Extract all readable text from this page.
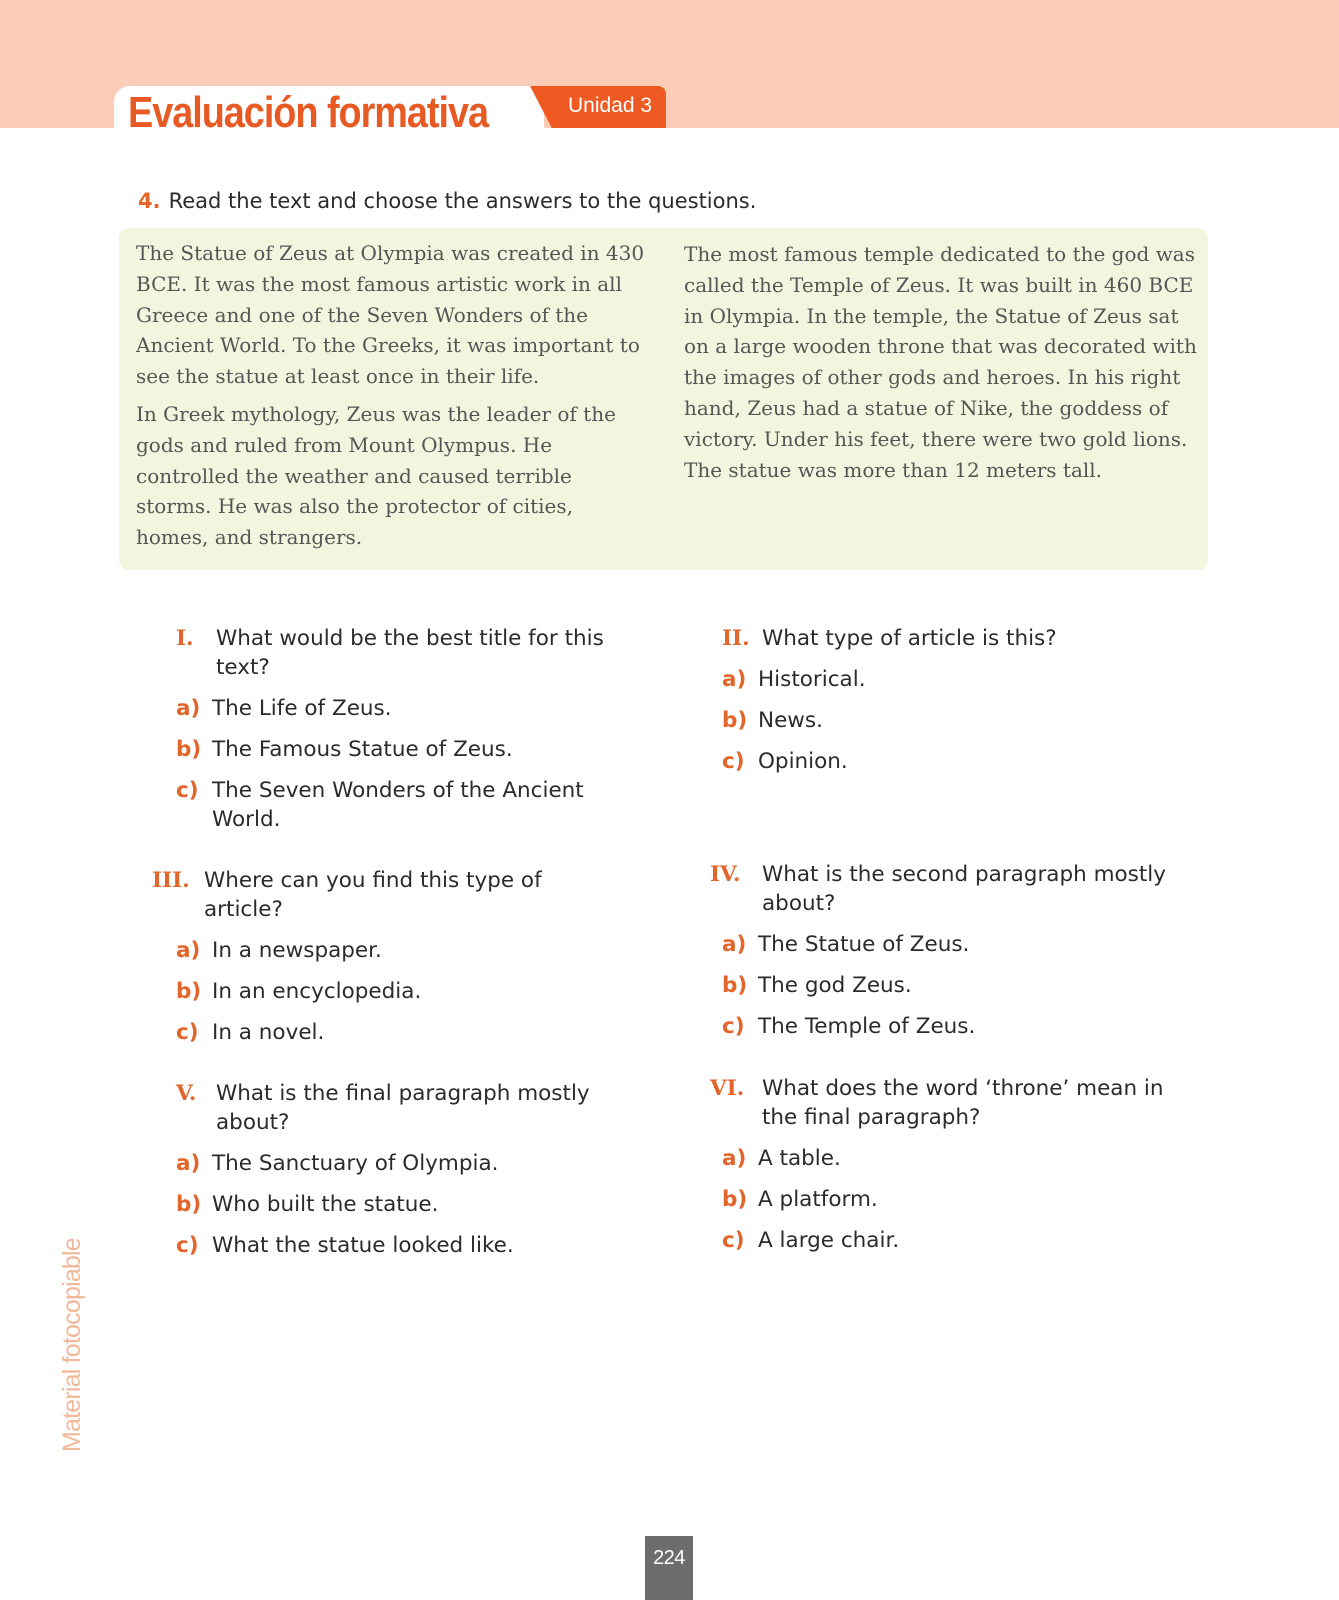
Evaluación formativa	Unidad 3
4. Read the text and choose the answers to the questions.

The Statue of Zeus at Olympia was created in 430 BCE. It was the most famous artistic work in all Greece and one of the Seven Wonders of the Ancient World. To the Greeks, it was important to see the statue at least once in their life.

In Greek mythology, Zeus was the leader of the gods and ruled from Mount Olympus. He controlled the weather and caused terrible storms. He was also the protector of cities, homes, and strangers.

The most famous temple dedicated to the god was called the Temple of Zeus. It was built in 460 BCE in Olympia. In the temple, the Statue of Zeus sat on a large wooden throne that was decorated with the images of other gods and heroes. In his right hand, Zeus had a statue of Nike, the goddess of victory. Under his feet, there were two gold lions. The statue was more than 12 meters tall.

I. What would be the best title for this text?
a) The Life of Zeus.
b) The Famous Statue of Zeus.
c) The Seven Wonders of the Ancient World.
II. What type of article is this?
a) Historical.
b) News.
c) Opinion.
III. Where can you find this type of article?
a) In a newspaper.
b) In an encyclopedia.
c) In a novel.
IV. What is the second paragraph mostly about?
a) The Statue of Zeus.
b) The god Zeus.
c) The Temple of Zeus.
V. What is the final paragraph mostly about?
a) The Sanctuary of Olympia.
b) Who built the statue.
c) What the statue looked like.
VI. What does the word ‘throne’ mean in the final paragraph?
a) A table.
b) A platform.
c) A large chair.
Material fotocopiable
224
